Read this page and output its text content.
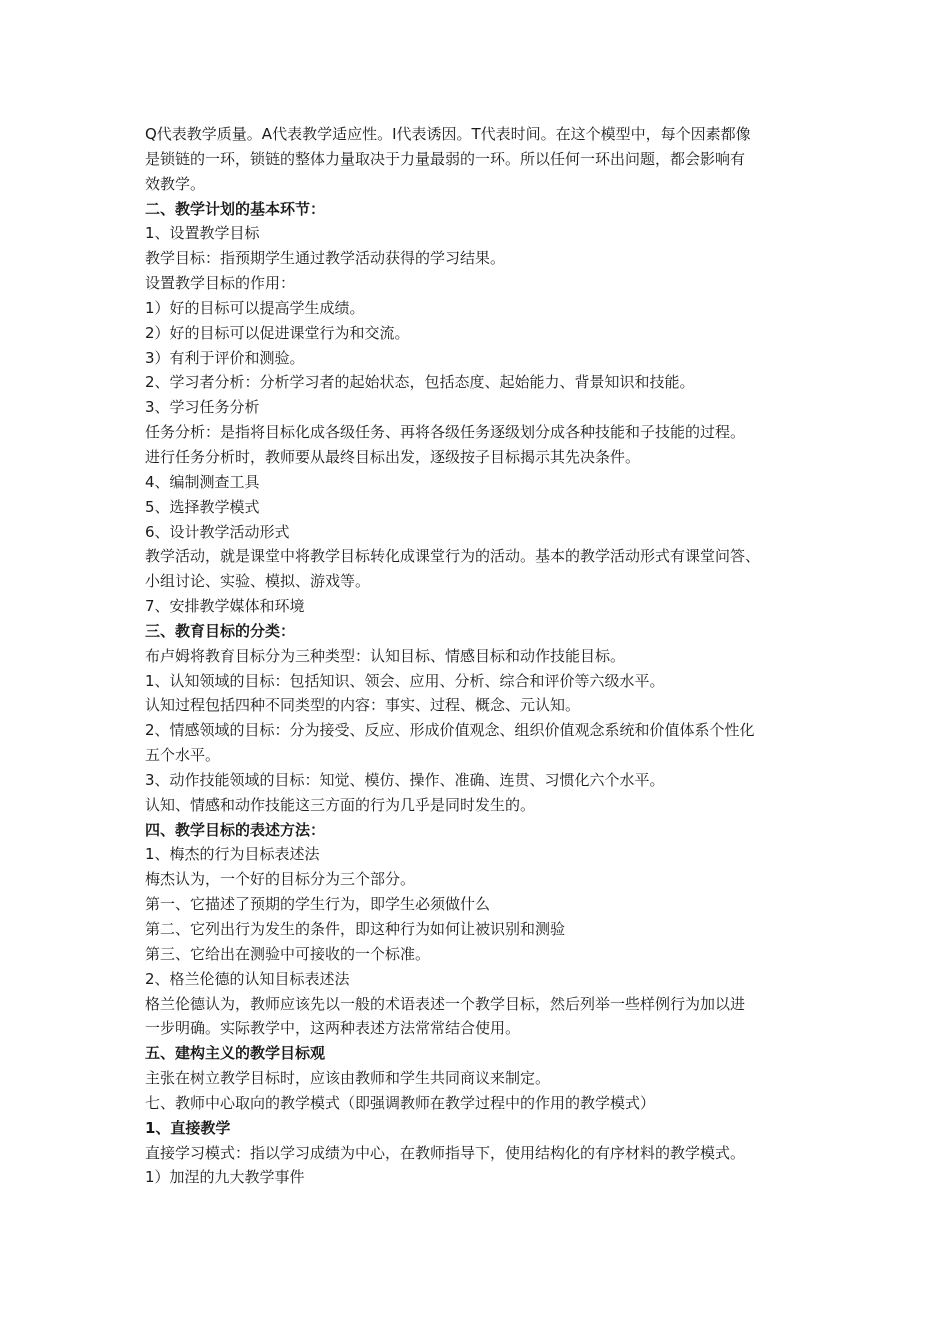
Q代表教学质量。A代表教学适应性。I代表诱因。T代表时间。在这个模型中，每个因素都像

是锁链的一环，锁链的整体力量取决于力量最弱的一环。所以任何一环出问题，都会影响有

效教学。

二、教学计划的基本环节：

1、设置教学目标

教学目标：指预期学生通过教学活动获得的学习结果。

设置教学目标的作用：

1）好的目标可以提高学生成绩。

2）好的目标可以促进课堂行为和交流。

3）有利于评价和测验。

2、学习者分析：分析学习者的起始状态，包括态度、起始能力、背景知识和技能。

3、学习任务分析

任务分析：是指将目标化成各级任务、再将各级任务逐级划分成各种技能和子技能的过程。

进行任务分析时，教师要从最终目标出发，逐级按子目标揭示其先决条件。

4、编制测查工具

5、选择教学模式

6、设计教学活动形式

教学活动，就是课堂中将教学目标转化成课堂行为的活动。基本的教学活动形式有课堂问答、

小组讨论、实验、模拟、游戏等。

7、安排教学媒体和环境

三、教育目标的分类：

布卢姆将教育目标分为三种类型：认知目标、情感目标和动作技能目标。

1、认知领域的目标：包括知识、领会、应用、分析、综合和评价等六级水平。

认知过程包括四种不同类型的内容：事实、过程、概念、元认知。

2、情感领域的目标：分为接受、反应、形成价值观念、组织价值观念系统和价值体系个性化

五个水平。

3、动作技能领域的目标：知觉、模仿、操作、准确、连贯、习惯化六个水平。

认知、情感和动作技能这三方面的行为几乎是同时发生的。

四、教学目标的表述方法：

1、梅杰的行为目标表述法

梅杰认为，一个好的目标分为三个部分。

第一、它描述了预期的学生行为，即学生必须做什么

第二、它列出行为发生的条件，即这种行为如何让被识别和测验

第三、它给出在测验中可接收的一个标准。

2、格兰伦德的认知目标表述法

格兰伦德认为，教师应该先以一般的术语表述一个教学目标，然后列举一些样例行为加以进

一步明确。实际教学中，这两种表述方法常常结合使用。

五、建构主义的教学目标观

主张在树立教学目标时，应该由教师和学生共同商议来制定。

七、教师中心取向的教学模式（即强调教师在教学过程中的作用的教学模式）

1、直接教学

直接学习模式：指以学习成绩为中心，在教师指导下，使用结构化的有序材料的教学模式。

1）加涅的九大教学事件
